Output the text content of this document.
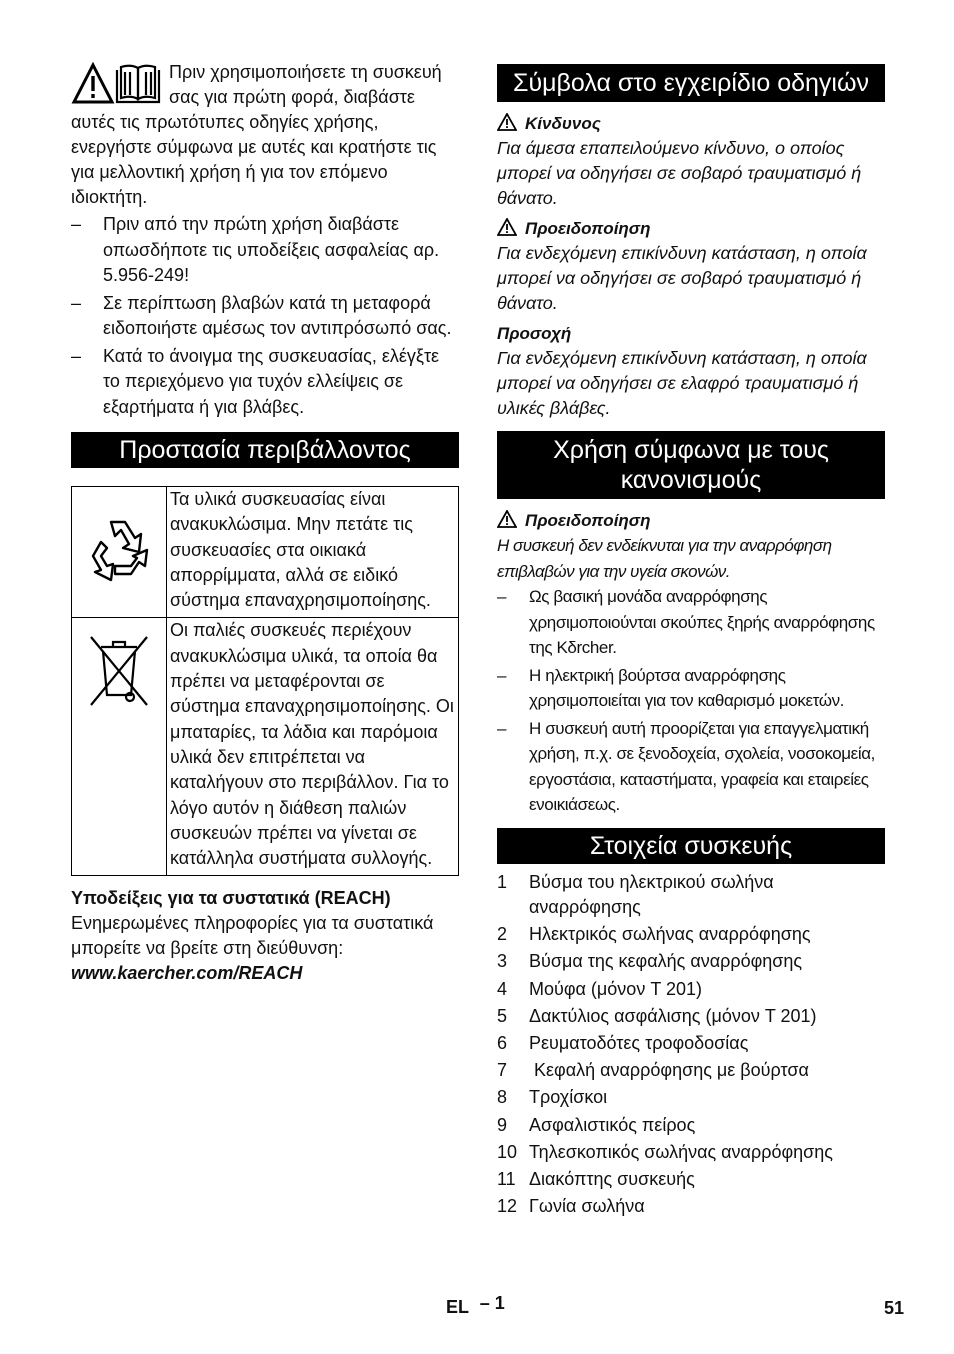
Πριν χρησιμοποιήσετε τη συσκευή σας για πρώτη φορά, διαβάστε αυτές τις πρωτότυπες οδηγίες χρήσης, ενεργήστε σύμφωνα με αυτές και κρατήστε τις για μελλοντική χρήση ή για τον επόμενο ιδιοκτήτη.
– Πριν από την πρώτη χρήση διαβάστε οπωσδήποτε τις υποδείξεις ασφαλείας αρ. 5.956-249!
– Σε περίπτωση βλαβών κατά τη μεταφορά ειδοποιήστε αμέσως τον αντιπρόσωπό σας.
– Κατά το άνοιγμα της συσκευασίας, ελέγξτε το περιεχόμενο για τυχόν ελλείψεις σε εξαρτήματα ή για βλάβες.
Προστασία περιβάλλοντος
	Τα υλικά συσκευασίας είναι ανακυκλώσιμα. Μην πετάτε τις συσκευασίες στα οικιακά απορρίμματα, αλλά σε ειδικό σύστημα επαναχρησιμοποίησης.
	Οι παλιές συσκευές περιέχουν ανακυκλώσιμα υλικά, τα οποία θα πρέπει να μεταφέρονται σε σύστημα επαναχρησιμοποίησης. Οι μπαταρίες, τα λάδια και παρόμοια υλικά δεν επιτρέπεται να καταλήγουν στο περιβάλλον. Για το λόγο αυτόν η διάθεση παλιών συσκευών πρέπει να γίνεται σε κατάλληλα συστήματα συλλογής.

Υποδείξεις για τα συστατικά (REACH)

Ενημερωμένες πληροφορίες για τα συστατικά μπορείτε να βρείτε στη διεύθυνση:

www.kaercher.com/REACH

Σύμβολα στο εγχειρίδιο οδηγιών

Κίνδυνος

Για άμεσα επαπειλούμενο κίνδυνο, ο οποίος μπορεί να οδηγήσει σε σοβαρό τραυματισμό ή θάνατο.

Προειδοποίηση

Για ενδεχόμενη επικίνδυνη κατάσταση, η οποία μπορεί να οδηγήσει σε σοβαρό τραυματισμό ή θάνατο.

Προσοχή

Για ενδεχόμενη επικίνδυνη κατάσταση, η οποία μπορεί να οδηγήσει σε ελαφρό τραυματισμό ή υλικές βλάβες.

Χρήση σύμφωνα με τους κανονισμούς

Προειδοποίηση

Η συσκευή δεν ενδείκνυται για την αναρρόφηση επιβλαβών για την υγεία σκονών.

– Ως βασική μονάδα αναρρόφησης χρησιμοποιούνται σκούπες ξηρής αναρρόφησης της Kδrcher.
– Η ηλεκτρική βούρτσα αναρρόφησης χρησιμοποιείται για τον καθαρισμό μοκετών.
– Η συσκευή αυτή προορίζεται για επαγγελματική χρήση, π.χ. σε ξενοδοχεία, σχολεία, νοσοκομεία, εργοστάσια, καταστήματα, γραφεία και εταιρείες ενοικιάσεως.
Στοιχεία συσκευής
1 Βύσμα του ηλεκτρικού σωλήνα αναρρόφησης
2 Ηλεκτρικός σωλήνας αναρρόφησης
3 Βύσμα της κεφαλής αναρρόφησης
4 Μούφα (μόνον T 201)
5 Δακτύλιος ασφάλισης (μόνον T 201)
6 Ρευματοδότες τροφοδοσίας
7 Κεφαλή αναρρόφησης με βούρτσα
8 Τροχίσκοι
9 Ασφαλιστικός πείρος
10 Τηλεσκοπικός σωλήνας αναρρόφησης
11 Διακόπτης συσκευής
12 Γωνία σωλήνα
EL – 1	51
